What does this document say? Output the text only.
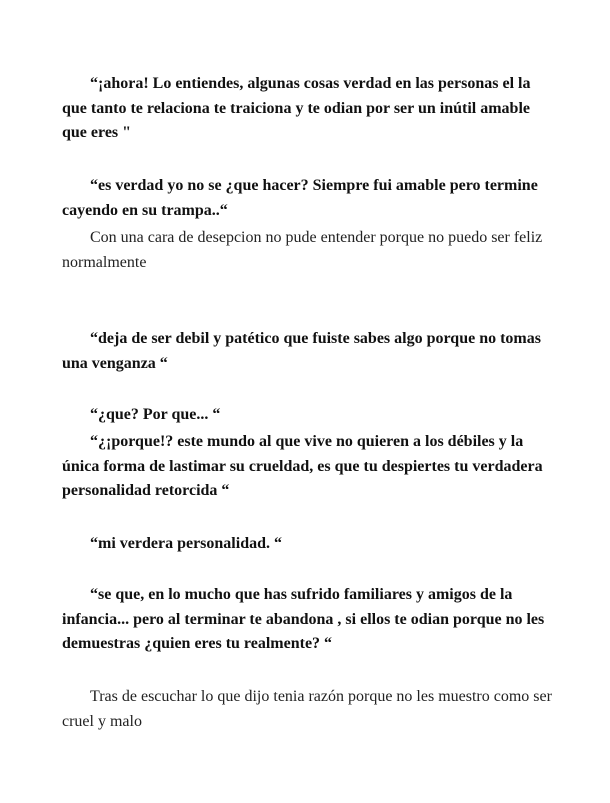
“¡ahora! Lo entiendes, algunas cosas verdad en las personas el la
que tanto te relaciona te traiciona y te odian por ser un inútil amable
que eres "

“es verdad yo no se ¿que hacer? Siempre fui amable pero termine
cayendo en su trampa..“

Con una cara de desepcion no pude entender porque no puedo ser feliz
normalmente

“deja de ser debil y patético que fuiste sabes algo porque no tomas
una venganza “

“¿que? Por que... “

“¿¡porque!? este mundo al que vive no quieren a los débiles y la
única forma de lastimar su crueldad, es que tu despiertes tu verdadera
personalidad retorcida “

“mi verdera personalidad. “

“se que, en lo mucho que has sufrido familiares y amigos de la
infancia... pero al terminar te abandona , si ellos te odian porque no les
demuestras ¿quien eres tu realmente? “

Tras de escuchar lo que dijo tenia razón porque no les muestro como ser
cruel y malo
